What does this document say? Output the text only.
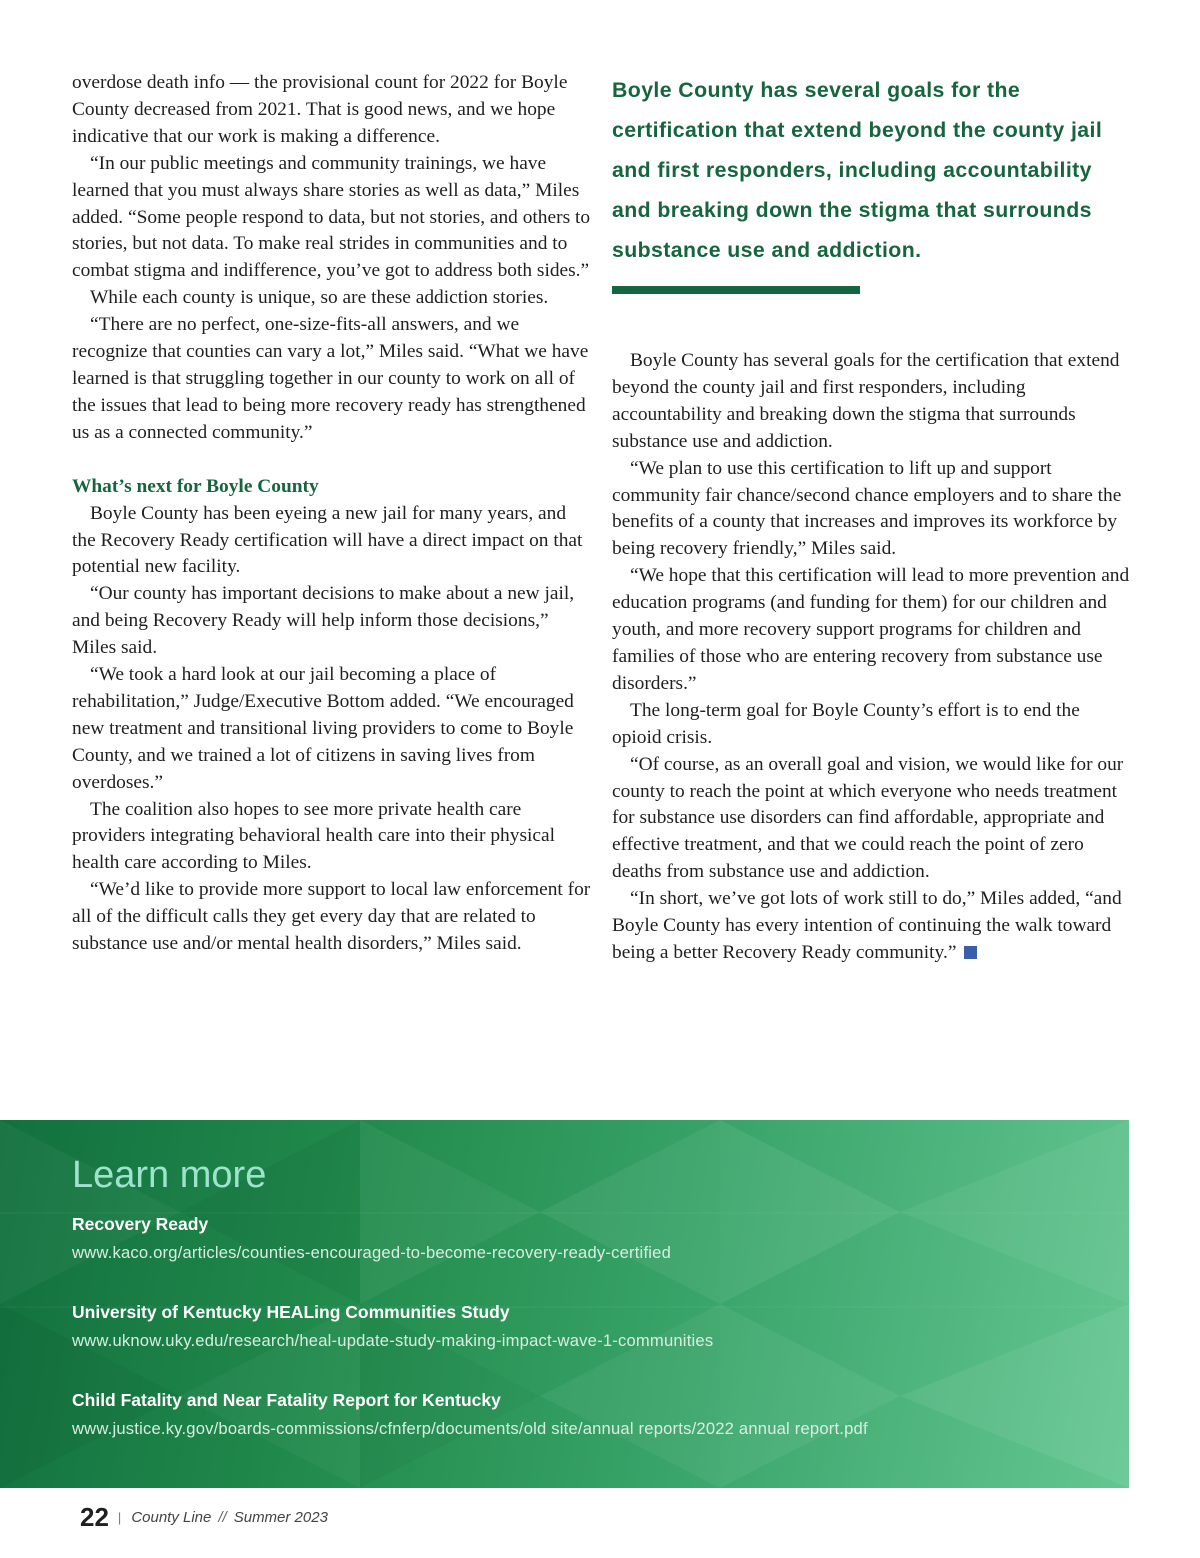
overdose death info — the provisional count for 2022 for Boyle County decreased from 2021. That is good news, and we hope indicative that our work is making a difference.

“In our public meetings and community trainings, we have learned that you must always share stories as well as data,” Miles added. “Some people respond to data, but not stories, and others to stories, but not data. To make real strides in communities and to combat stigma and indifference, you’ve got to address both sides.”

While each county is unique, so are these addiction stories.

“There are no perfect, one-size-fits-all answers, and we recognize that counties can vary a lot,” Miles said. “What we have learned is that struggling together in our county to work on all of the issues that lead to being more recovery ready has strengthened us as a connected community.”

What’s next for Boyle County

Boyle County has been eyeing a new jail for many years, and the Recovery Ready certification will have a direct impact on that potential new facility.

“Our county has important decisions to make about a new jail, and being Recovery Ready will help inform those decisions,” Miles said.

“We took a hard look at our jail becoming a place of rehabilitation,” Judge/Executive Bottom added. “We encouraged new treatment and transitional living providers to come to Boyle County, and we trained a lot of citizens in saving lives from overdoses.”

The coalition also hopes to see more private health care providers integrating behavioral health care into their physical health care according to Miles.

“We’d like to provide more support to local law enforcement for all of the difficult calls they get every day that are related to substance use and/or mental health disorders,” Miles said.

Boyle County has several goals for the certification that extend beyond the county jail and first responders, including accountability and breaking down the stigma that surrounds substance use and addiction.

Boyle County has several goals for the certification that extend beyond the county jail and first responders, including accountability and breaking down the stigma that surrounds substance use and addiction.

“We plan to use this certification to lift up and support community fair chance/second chance employers and to share the benefits of a county that increases and improves its workforce by being recovery friendly,” Miles said.

“We hope that this certification will lead to more prevention and education programs (and funding for them) for our children and youth, and more recovery support programs for children and families of those who are entering recovery from substance use disorders.”

The long-term goal for Boyle County’s effort is to end the opioid crisis.

“Of course, as an overall goal and vision, we would like for our county to reach the point at which everyone who needs treatment for substance use disorders can find affordable, appropriate and effective treatment, and that we could reach the point of zero deaths from substance use and addiction.

“In short, we’ve got lots of work still to do,” Miles added, “and Boyle County has every intention of continuing the walk toward being a better Recovery Ready community.”

Learn more
Recovery Ready
www.kaco.org/articles/counties-encouraged-to-become-recovery-ready-certified
University of Kentucky HEALing Communities Study
www.uknow.uky.edu/research/heal-update-study-making-impact-wave-1-communities
Child Fatality and Near Fatality Report for Kentucky
www.justice.ky.gov/boards-commissions/cfnferp/documents/old site/annual reports/2022 annual report.pdf
22 | County Line // Summer 2023
